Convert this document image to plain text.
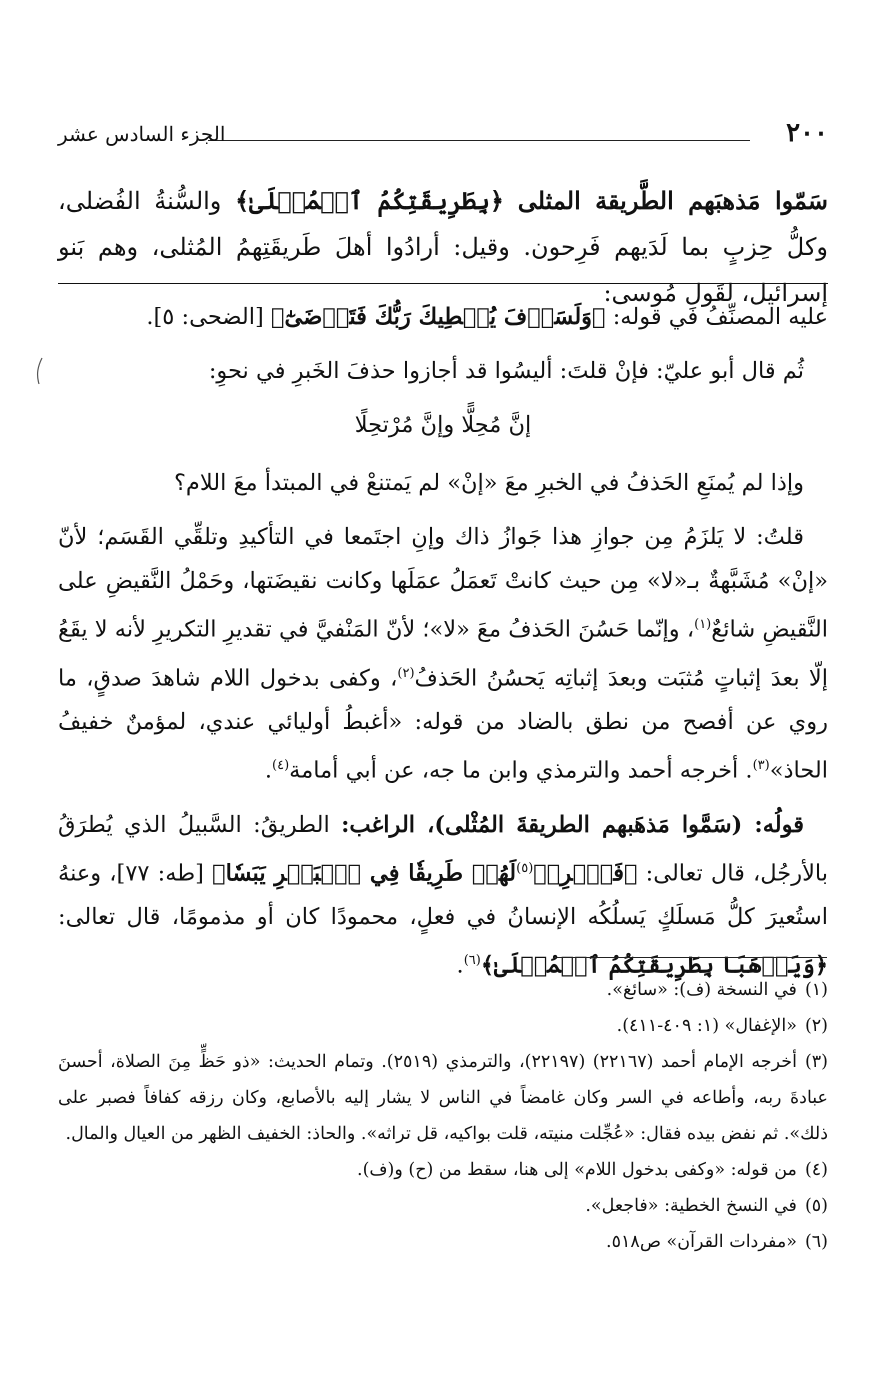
٢٠٠
الجزء السادس عشر
سَمّوا مَذهبَهم الطَّريقة المثلى ﴿بِطَرِيقَتِكُمُ ٱلۡمُثۡلَىٰ﴾ والسُّنةُ الفُضلى، وكلُّ حِزبٍ بما لَدَيهم فَرِحون. وقيل: أرادُوا أهلَ طَريقَتِهمُ المُثلى، وهم بَنو إسرائيل، لقَولِ مُوسى:

عليه المصنِّفُ في قوله: ﴿وَلَسَوۡفَ يُعۡطِيكَ رَبُّكَ فَتَرۡضَىٰٓ﴾ [الضحى: ٥].

ثُم قال أبو عليّ: فإنْ قلتَ: أليسُوا قد أجازوا حذفَ الخَبرِ في نحوِ:

إنَّ مُحِلًّا وإنَّ مُرْتحِلًا

وإذا لم يُمنَعِ الحَذفُ في الخبرِ معَ «إنْ» لم يَمتنعْ في المبتدأ معَ اللام؟

قلتُ: لا يَلزَمُ مِن جوازِ هذا جَوازُ ذاك وإنِ اجتَمعا في التأكيدِ وتلقِّي القَسَم؛ لأنّ «إنْ» مُشَبَّهةٌ بـ«لا» مِن حيث كانتْ تَعمَلُ عمَلَها وكانت نقيضَتها، وحَمْلُ النَّقيضِ على النَّقيضِ شائعٌ$^{(١)}$، وإنّما حَسُنَ الحَذفُ معَ «لا»؛ لأنّ المَنْفيَّ في تقديرِ التكريرِ لأنه لا يقَعُ إلّا بعدَ إثباتٍ مُثبَت وبعدَ إثباتِه يَحسُنُ الحَذفُ$^{(٢)}$، وكفى بدخول اللام شاهدَ صدقٍ، ما روي عن أفصح من نطق بالضاد من قوله: «أغبطُ أوليائي عندي، لمؤمنٌ خفيفُ الحاذ»$^{(٣)}$. أخرجه أحمد والترمذي وابن ما جه، عن أبي أمامة$^{(٤)}$.

قولُه: (سَمَّوا مَذهَبهم الطريقةَ المُثْلى)، الراغب: الطريقُ: السَّبيلُ الذي يُطرَقُ بالأرجُل، قال تعالى: ﴿فَٱضۡرِبۡ$^{(٥)}$لَهُمۡ طَرِيقٗا فِي ٱلۡبَحۡرِ يَبَسٗا﴾ [طه: ٧٧]، وعنهُ استُعيرَ كلُّ مَسلَكٍ يَسلُكُه الإنسانُ في فعلٍ، محمودًا كان أو مذمومًا، قال تعالى: ﴿وَيَذۡهَبَا بِطَرِيقَتِكُمُ ٱلۡمُثۡلَىٰ﴾$^{(٦)}$.

(١)في النسخة (ف): «سائغ».

(٢)«الإغفال» (١: ٤٠٩-٤١١).

(٣)أخرجه الإمام أحمد (٢٢١٦٧) (٢٢١٩٧)، والترمذي (٢٥١٩). وتمام الحديث: «ذو حَظٍّ مِنَ الصلاة، أحسنَ عبادةَ ربه، وأطاعه في السر وكان غامضاً في الناس لا يشار إليه بالأصابع، وكان رزقه كفافاً فصبر على ذلك». ثم نفض بيده فقال: «عُجِّلت منيته، قلت بواكيه، قل تراثه». والحاذ: الخفيف الظهر من العيال والمال.

(٤)من قوله: «وكفى بدخول اللام» إلى هنا، سقط من (ح) و(ف).

(٥)في النسخ الخطية: «فاجعل».

(٦)«مفردات القرآن» ص٥١٨.
